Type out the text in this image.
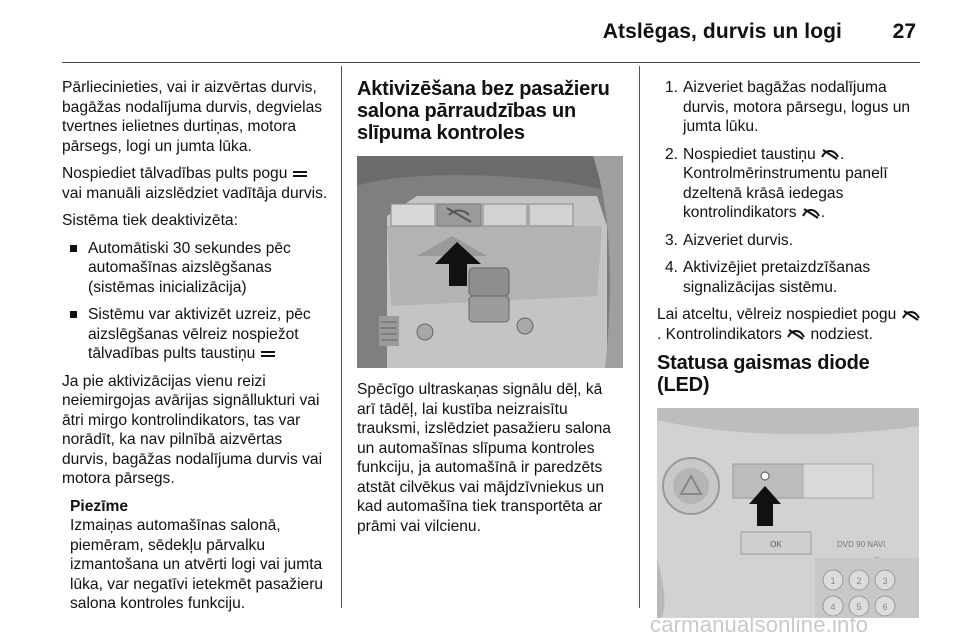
Atslēgas, durvis un logi 27

Pārliecinieties, vai ir aizvērtas durvis, bagāžas nodalījuma durvis, degvielas tvertnes ielietnes durtiņas, motora pārsegs, logi un jumta lūka.

Nospiediet tālvadības pults pogu  vai manuāli aizslēdziet vadītāja durvis.

Sistēma tiek deaktivizēta:

Automātiski 30 sekundes pēc automašīnas aizslēgšanas (sistēmas inicializācija)
Sistēmu var aktivizēt uzreiz, pēc aizslēgšanas vēlreiz nospiežot tālvadības pults taustiņu

Ja pie aktivizācijas vienu reizi neiemirgojas avārijas signāllukturi vai ātri mirgo kontrolindikators, tas var norādīt, ka nav pilnībā aizvērtas durvis, bagāžas nodalījuma durvis vai motora pārsegs.

Piezīme
Izmaiņas automašīnas salonā, piemēram, sēdekļu pārvalku izmantošana un atvērti logi vai jumta lūka, var negatīvi ietekmēt pasažieru salona kontroles funkciju.
Aktivizēšana bez pasažieru salona pārraudzības un slīpuma kontroles

Spēcīgo ultraskaņas signālu dēļ, kā arī tādēļ, lai kustība neizraisītu trauksmi, izslēdziet pasažieru salona un automašīnas slīpuma kontroles funkciju, ja automašīnā ir paredzēts atstāt cilvēkus vai mājdzīvniekus un kad automašīna tiek transportēta ar prāmi vai vilcienu.

1. Aizveriet bagāžas nodalījuma durvis, motora pārsegu, logus un jumta lūku.
2. Nospiediet taustiņu .
Kontrolmērinstrumentu panelī dzeltenā krāsā iedegas kontrolindikators .
3. Aizveriet durvis.
4. Aktivizējiet pretaizdzīšanas signalizācijas sistēmu.

Lai atceltu, vēlreiz nospiediet pogu . Kontrolindikators nodziest.

Statusa gaismas diode (LED)
OK	DVD 90 NAVI
1 2 3
4 5 6
carmanualsonline.info
